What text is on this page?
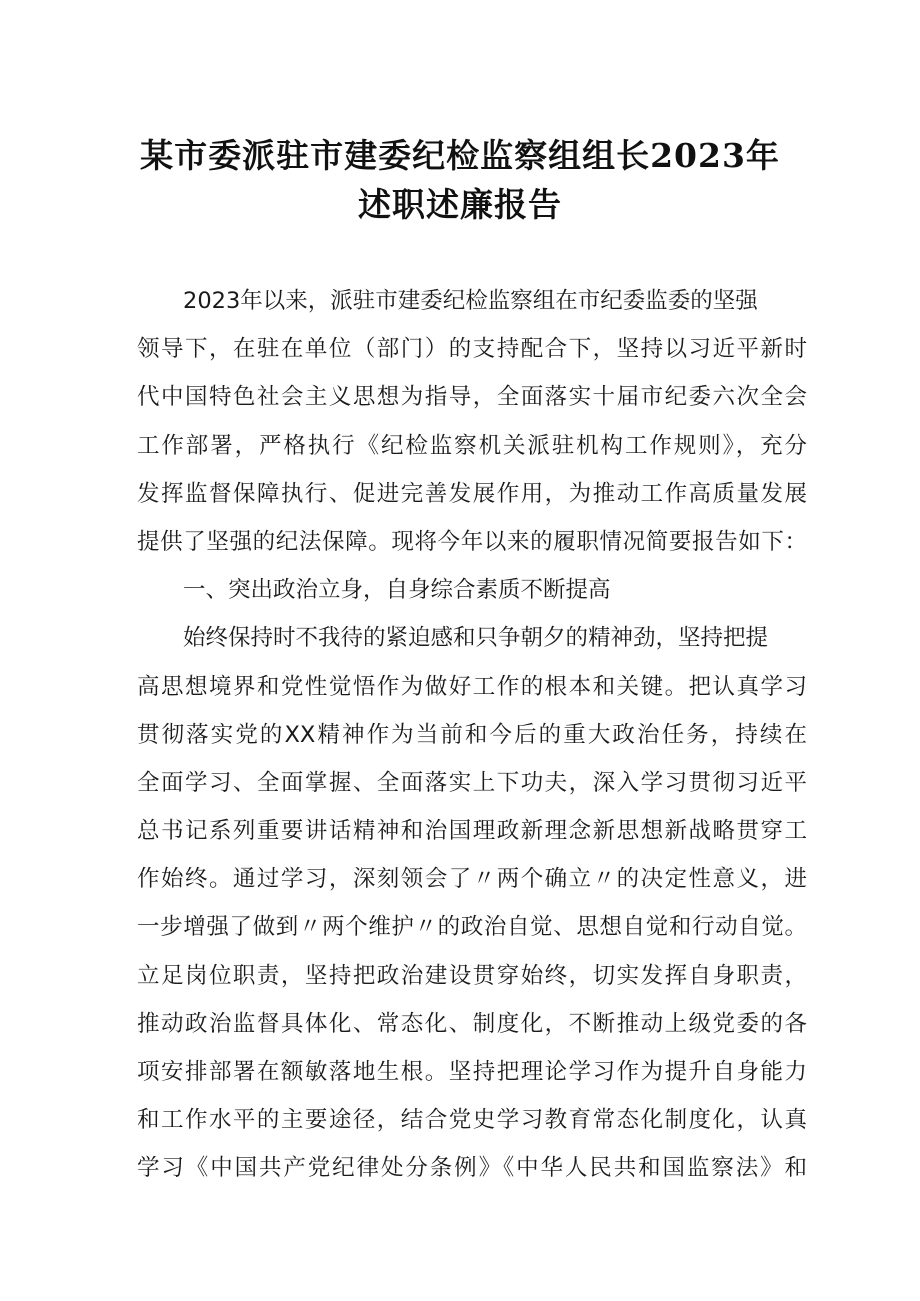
某市委派驻市建委纪检监察组组长2023年
述职述廉报告
2023年以来，派驻市建委纪检监察组在市纪委监委的坚强
领导下，在驻在单位（部门）的支持配合下，坚持以习近平新时
代中国特色社会主义思想为指导，全面落实十届市纪委六次全会
工作部署，严格执行《纪检监察机关派驻机构工作规则》，充分
发挥监督保障执行、促进完善发展作用，为推动工作高质量发展
提供了坚强的纪法保障。现将今年以来的履职情况简要报告如下：
一、突出政治立身，自身综合素质不断提高
始终保持时不我待的紧迫感和只争朝夕的精神劲，坚持把提
高思想境界和党性觉悟作为做好工作的根本和关键。把认真学习
贯彻落实党的XX精神作为当前和今后的重大政治任务，持续在
全面学习、全面掌握、全面落实上下功夫，深入学习贯彻习近平
总书记系列重要讲话精神和治国理政新理念新思想新战略贯穿工
作始终。通过学习，深刻领会了〃两个确立〃的决定性意义，进
一步增强了做到〃两个维护〃的政治自觉、思想自觉和行动自觉。
立足岗位职责，坚持把政治建设贯穿始终，切实发挥自身职责，
推动政治监督具体化、常态化、制度化，不断推动上级党委的各
项安排部署在额敏落地生根。坚持把理论学习作为提升自身能力
和工作水平的主要途径，结合党史学习教育常态化制度化，认真
学习《中国共产党纪律处分条例》《中华人民共和国监察法》和
